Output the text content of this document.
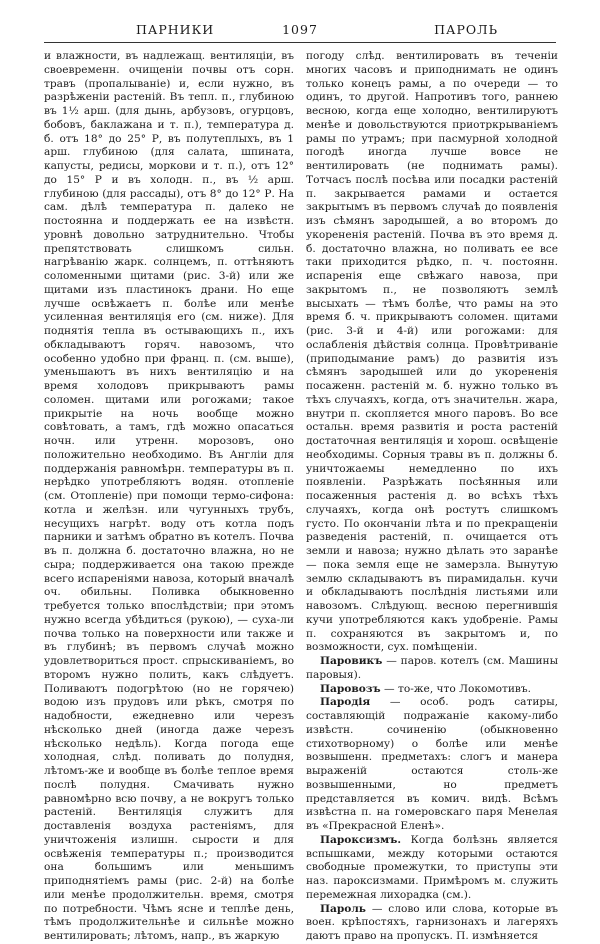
ПАРНИКИ	1097	ПАРОЛЬ

и влажности, въ надлежащ. вентиляціи, въ своевременн. очищеніи почвы отъ сорн. травъ (пропалываніе) и, если нужно, въ разрѣженіи растеній. Въ тепл. п., глубиною въ 1½ арш. (для дынь, арбузовъ, огурцовъ, бобовъ, баклажана и т. п.), температура д. б. отъ 18° до 25° Р, въ полутеплыхъ, въ 1 арш. глубиною (для салата, шпината, капусты, редисы, моркови и т. п.), отъ 12° до 15° Р и въ холодн. п., въ ½ арш. глубиною (для рассады), отъ 8° до 12° Р. На сам. дѣлѣ температура п. далеко не постоянна и поддержать ее на извѣстн. уровнѣ довольно затруднительно. Чтобы препятствовать слишкомъ сильн. нагрѣванію жарк. солнцемъ, п. оттѣняютъ соломенными щитами (рис. 3-й) или же щитами изъ пластинокъ драни. Но еще лучше освѣжаетъ п. болѣе или менѣе усиленная вентиляція его (см. ниже). Для поднятія тепла въ остывающихъ п., ихъ обкладываютъ горяч. навозомъ, что особенно удобно при франц. п. (см. выше), уменьшаютъ въ нихъ вентиляцію и на время холодовъ прикрываютъ рамы соломен. щитами или рогожами; такое прикрытіе на ночь вообще можно совѣтовать, а тамъ, гдѣ можно опасаться ночн. или утренн. морозовъ, оно положительно необходимо. Въ Англіи для поддержанія равномѣрн. температуры въ п. нерѣдко употребляютъ водян. отопленіе (см. Отопленіе) при помощи термо-сифона: котла и желѣзн. или чугунныхъ трубъ, несущихъ нагрѣт. воду отъ котла подъ парники и затѣмъ обратно въ котелъ. Почва въ п. должна б. достаточно влажна, но не сыра; поддерживается она такою прежде всего испареніями навоза, который вначалѣ оч. обильны. Поливка обыкновенно требуется только впослѣдствіи; при этомъ нужно всегда убѣдиться (рукою), — суха-ли почва только на поверхности или также и въ глубинѣ; въ первомъ случаѣ можно удовлетвориться прост. спрыскиваніемъ, во второмъ нужно полить, какъ слѣдуетъ. Поливаютъ подогрѣтою (но не горячею) водою изъ прудовъ или рѣкъ, смотря по надобности, ежедневно или черезъ нѣсколько дней (иногда даже черезъ нѣсколько недѣль). Когда погода еще холодная, слѣд. поливать до полудня, лѣтомъ-же и вообще въ болѣе теплое время послѣ полудня. Смачивать нужно равномѣрно всю почву, а не вокругъ только растеній. Вентиляція служитъ для доставленія воздуха растеніямъ, для уничтоженія излишн. сырости и для освѣженія температуры п.; производится она большимъ или меньшимъ приподнятіемъ рамы (рис. 2-й) на болѣе или менѣе продолжительн. время, смотря по потребности. Чѣмъ ясне и теплѣе день, тѣмъ продолжительнѣе и сильнѣе можно вентилировать; лѣтомъ, напр., въ жаркую

погоду слѣд. вентилировать въ теченіи многих часовъ и приподнимать не одинъ только конецъ рамы, а по очереди — то одинъ, то другой. Напротивъ того, раннею весною, когда еще холодно, вентилируютъ менѣе и довольствуются приотркрываніемъ рамы по утрамъ; при пасмурной холодной погодѣ иногда лучше вовсе не вентилировать (не поднимать рамы). Тотчасъ послѣ посѣва или посадки растеній п. закрывается рамами и остается закрытымъ въ первомъ случаѣ до появленія изъ сѣмянъ зародышей, а во второмъ до укорененія растеній. Почва въ это время д. б. достаточно влажна, но поливать ее все таки приходится рѣдко, п. ч. постоянн. испаренія еще свѣжаго навоза, при закрытомъ п., не позволяютъ землѣ высыхать — тѣмъ болѣе, что рамы на это время б. ч. прикрываютъ соломен. щитами (рис. 3-й и 4-й) или рогожами: для ослабленія дѣйствія солнца. Провѣтриваніе (приподымание рамъ) до развитія изъ сѣмянъ зародышей или до укорененія посаженн. растеній м. б. нужно только въ тѣхъ случаяхъ, когда, отъ значительн. жара, внутри п. скопляется много паровъ. Во все остальн. время развитія и роста растеній достаточная вентиляція и хорош. освѣщеніе необходимы. Сорныя травы въ п. должны б. уничтожаемы немедленно по ихъ появленіи. Разрѣжать посѣянныя или посаженныя растенія д. во всѣхъ тѣхъ случаяхъ, когда онѣ ростутъ слишкомъ густо. По окончаніи лѣта и по прекращеніи разведенія растеній, п. очищается отъ земли и навоза; нужно дѣлать это заранѣе — пока земля еще не замерзла. Вынутую землю складываютъ въ пирамидальн. кучи и обкладываютъ послѣднія листьями или навозомъ. Слѣдующ. весною перегнившія кучи употребляются какъ удобреніе. Рамы п. сохраняются въ закрытомъ и, по возможности, сух. помѣщеніи.

Паровикъ — паров. котелъ (см. Машины паровыя).

Паровозъ — то-же, что Локомотивъ.

Пародія — особ. родъ сатиры, составляющій подражаніе какому-либо извѣстн. сочиненію (обыкновенно стихотворному) о болѣе или менѣе возвышенн. предметахъ: слогъ и манера выраженій остаются столь-же возвышенными, но предметъ представляется въ комич. видѣ. Всѣмъ извѣстна п. на гомеровскаго паря Менелая въ «Прекрасной Еленѣ».

Пароксизмъ. Когда болѣзнь является вспышками, между которыми остаются свободные промежутки, то приступы эти наз. пароксизмами. Примѣромъ м. служить перемежная лихорадка (см.).

Пароль — слово или слова, которые въ воен. крѣпостяхъ, гарнизонахъ и лагеряхъ даютъ право на пропускъ. П. измѣняется
